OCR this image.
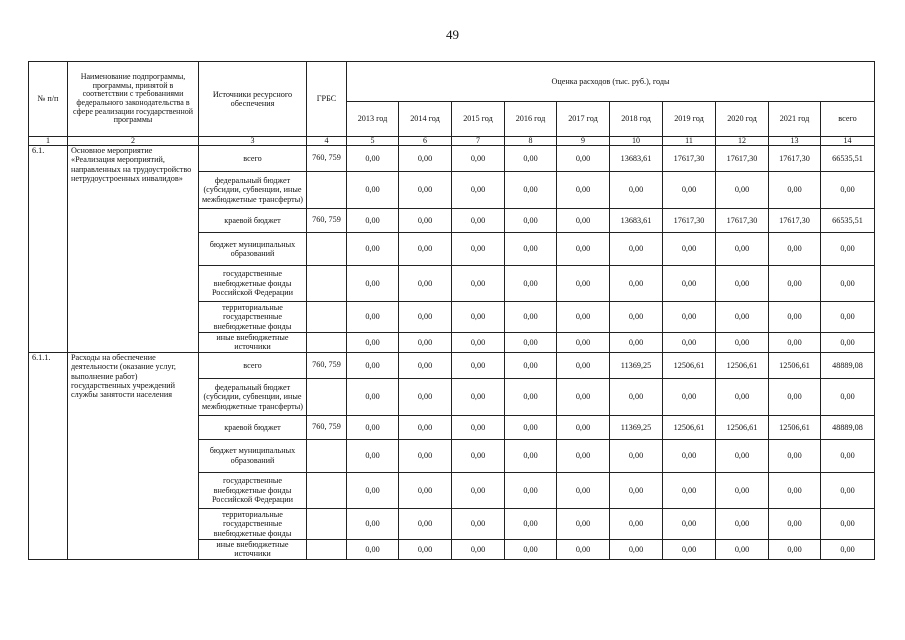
49
№ п/п	Наименование подпрограммы, программы, принятой в соответствии с требованиями федерального законодательства в сфере реализации государственной программы	Источники ресурсного обеспечения	ГРБС	Оценка расходов (тыс. руб.), годы									
				2013 год	2014 год	2015 год	2016 год	2017 год	2018 год	2019 год	2020 год	2021 год	всего
1	2	3	4	5	6	7	8	9	10	11	12	13	14
6.1.	Основное мероприятие «Реализация мероприятий, направленных на трудоустройство нетрудоустроенных инвалидов»	всего	760, 759	0,00	0,00	0,00	0,00	0,00	13683,61	17617,30	17617,30	17617,30	66535,51
		федеральный бюджет (субсидии, субвенции, иные межбюджетные трансферты)		0,00	0,00	0,00	0,00	0,00	0,00	0,00	0,00	0,00	0,00
		краевой бюджет	760, 759	0,00	0,00	0,00	0,00	0,00	13683,61	17617,30	17617,30	17617,30	66535,51
		бюджет муниципальных образований		0,00	0,00	0,00	0,00	0,00	0,00	0,00	0,00	0,00	0,00
		государственные внебюджетные фонды Российской Федерации		0,00	0,00	0,00	0,00	0,00	0,00	0,00	0,00	0,00	0,00
		территориальные государственные внебюджетные фонды		0,00	0,00	0,00	0,00	0,00	0,00	0,00	0,00	0,00	0,00
		иные внебюджетные источники		0,00	0,00	0,00	0,00	0,00	0,00	0,00	0,00	0,00	0,00
6.1.1.	Расходы на обеспечение деятельности (оказание услуг, выполнение работ) государственных учреждений службы занятости населения	всего	760, 759	0,00	0,00	0,00	0,00	0,00	11369,25	12506,61	12506,61	12506,61	48889,08
		федеральный бюджет (субсидии, субвенции, иные межбюджетные трансферты)		0,00	0,00	0,00	0,00	0,00	0,00	0,00	0,00	0,00	0,00
		краевой бюджет	760, 759	0,00	0,00	0,00	0,00	0,00	11369,25	12506,61	12506,61	12506,61	48889,08
		бюджет муниципальных образований		0,00	0,00	0,00	0,00	0,00	0,00	0,00	0,00	0,00	0,00
		государственные внебюджетные фонды Российской Федерации		0,00	0,00	0,00	0,00	0,00	0,00	0,00	0,00	0,00	0,00
		территориальные государственные внебюджетные фонды		0,00	0,00	0,00	0,00	0,00	0,00	0,00	0,00	0,00	0,00
		иные внебюджетные источники		0,00	0,00	0,00	0,00	0,00	0,00	0,00	0,00	0,00	0,00
